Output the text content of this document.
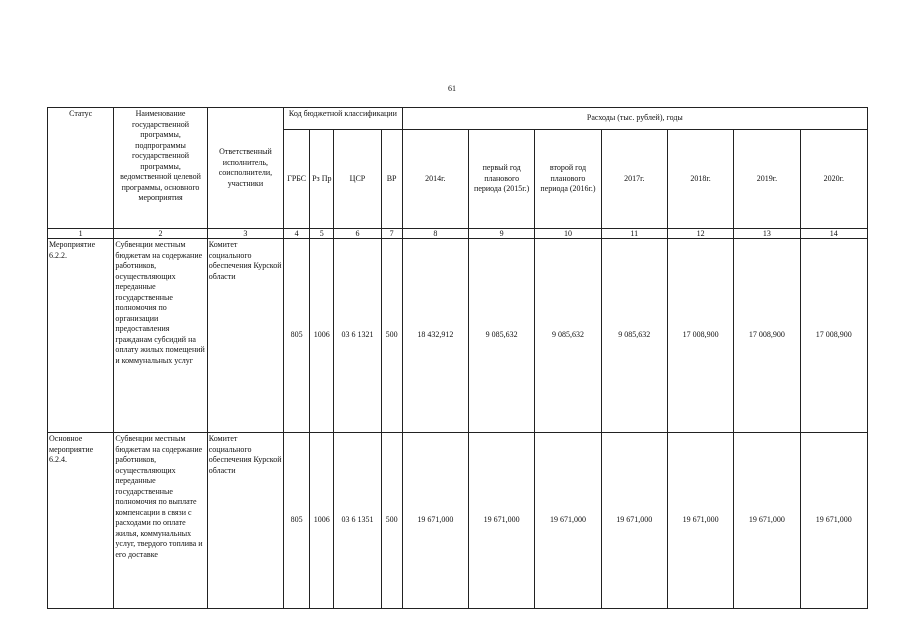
61
Статус	Наименование государственной программы, подпрограммы государственной программы, ведомственной целевой программы, основного мероприятия	Ответственный исполнитель, соисполнители, участники	Код бюджетной классификации				Расходы (тыс. рублей), годы						
			ГРБС	Рз Пр	ЦСР	ВР	2014г.	первый год планового периода (2015г.)	второй год планового периода (2016г.)	2017г.	2018г.	2019г.	2020г.
1	2	3	4	5	6	7	8	9	10	11	12	13	14
Мероприятие 6.2.2.	Субвенции местным бюджетам на содержание работников, осуществляющих переданные государственные полномочия по организации предоставления гражданам субсидий на оплату жилых помещений и коммунальных услуг	Комитет социального обеспечения Курской области	805	1006	03 6 1321	500	18 432,912	9 085,632	9 085,632	9 085,632	17 008,900	17 008,900	17 008,900
Основное мероприятие 6.2.4.	Субвенции местным бюджетам на содержание работников, осуществляющих переданные государственные полномочия по выплате компенсации в связи с расходами по оплате жилья, коммунальных услуг, твердого топлива и его доставке	Комитет социального обеспечения Курской области	805	1006	03 6 1351	500	19 671,000	19 671,000	19 671,000	19 671,000	19 671,000	19 671,000	19 671,000
